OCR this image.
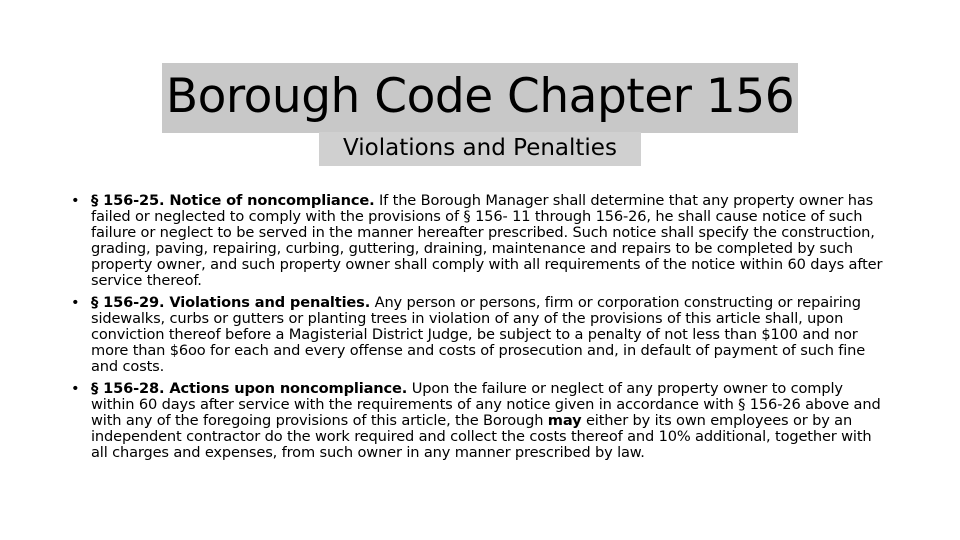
Borough Code Chapter 156
Violations and Penalties
• § 156-25. Notice of noncompliance. If the Borough Manager shall determine that any property owner has failed or neglected to comply with the provisions of § 156- 11 through 156-26, he shall cause notice of such failure or neglect to be served in the manner hereafter prescribed. Such notice shall specify the construction, grading, paving, repairing, curbing, guttering, draining, maintenance and repairs to be completed by such property owner, and such property owner shall comply with all requirements of the notice within 60 days after service thereof.
• § 156-29. Violations and penalties. Any person or persons, firm or corporation constructing or repairing sidewalks, curbs or gutters or planting trees in violation of any of the provisions of this article shall, upon conviction thereof before a Magisterial District Judge, be subject to a penalty of not less than $100 and nor more than $6oo for each and every offense and costs of prosecution and, in default of payment of such fine and costs.
• § 156-28. Actions upon noncompliance. Upon the failure or neglect of any property owner to comply within 60 days after service with the requirements of any notice given in accordance with § 156-26 above and with any of the foregoing provisions of this article, the Borough may either by its own employees or by an independent contractor do the work required and collect the costs thereof and 10% additional, together with all charges and expenses, from such owner in any manner prescribed by law.
